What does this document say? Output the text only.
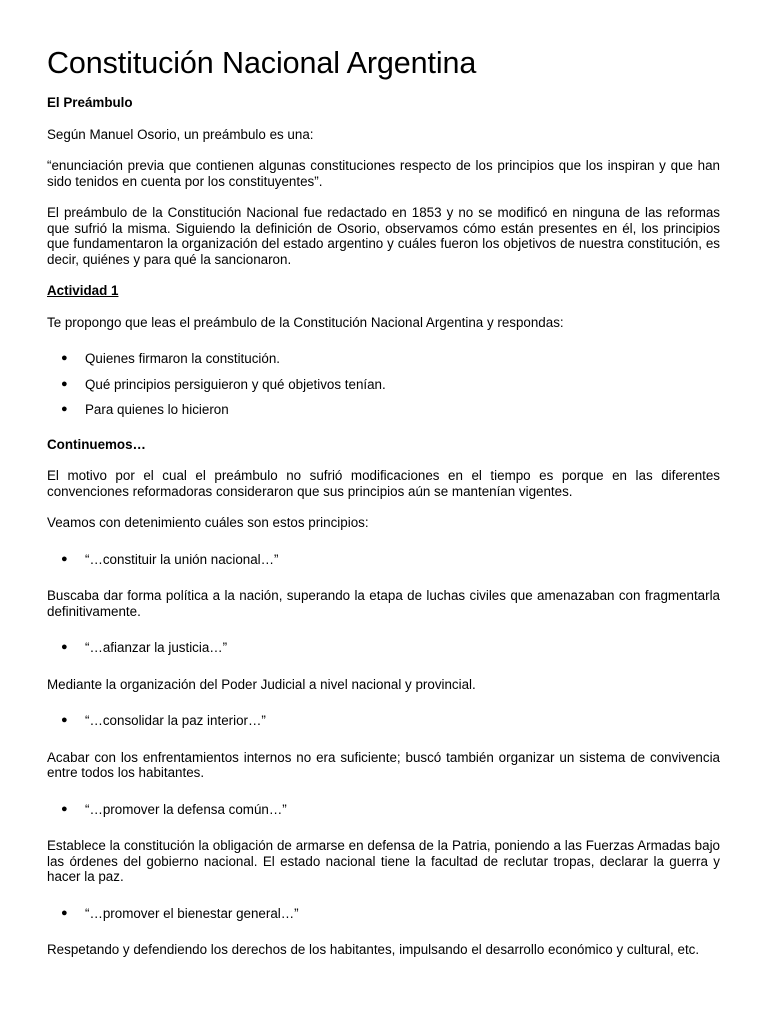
Constitución Nacional Argentina

El Preámbulo

Según Manuel Osorio, un preámbulo es una:

“enunciación previa que contienen algunas constituciones respecto de los principios que los inspiran y que han sido tenidos en cuenta por los constituyentes”.

El preámbulo de la Constitución Nacional fue redactado en 1853 y no se modificó en ninguna de las reformas que sufrió la misma. Siguiendo la definición de Osorio, observamos cómo están presentes en él, los principios que fundamentaron la organización del estado argentino y cuáles fueron los objetivos de nuestra constitución, es decir, quiénes y para qué la sancionaron.

Actividad 1

Te propongo que leas el preámbulo de la Constitución Nacional Argentina y respondas:

● Quienes firmaron la constitución.
● Qué principios persiguieron y qué objetivos tenían.
● Para quienes lo hicieron

Continuemos…

El motivo por el cual el preámbulo no sufrió modificaciones en el tiempo es porque en las diferentes convenciones reformadoras consideraron que sus principios aún se mantenían vigentes.

Veamos con detenimiento cuáles son estos principios:

● “…constituir la unión nacional…”

Buscaba dar forma política a la nación, superando la etapa de luchas civiles que amenazaban con fragmentarla definitivamente.

● “…afianzar la justicia…”

Mediante la organización del Poder Judicial a nivel nacional y provincial.

● “…consolidar la paz interior…”

Acabar con los enfrentamientos internos no era suficiente; buscó también organizar un sistema de convivencia entre todos los habitantes.

● “…promover la defensa común…”

Establece la constitución la obligación de armarse en defensa de la Patria, poniendo a las Fuerzas Armadas bajo las órdenes del gobierno nacional. El estado nacional tiene la facultad de reclutar tropas, declarar la guerra y hacer la paz.

● “…promover el bienestar general…”

Respetando y defendiendo los derechos de los habitantes, impulsando el desarrollo económico y cultural, etc.
